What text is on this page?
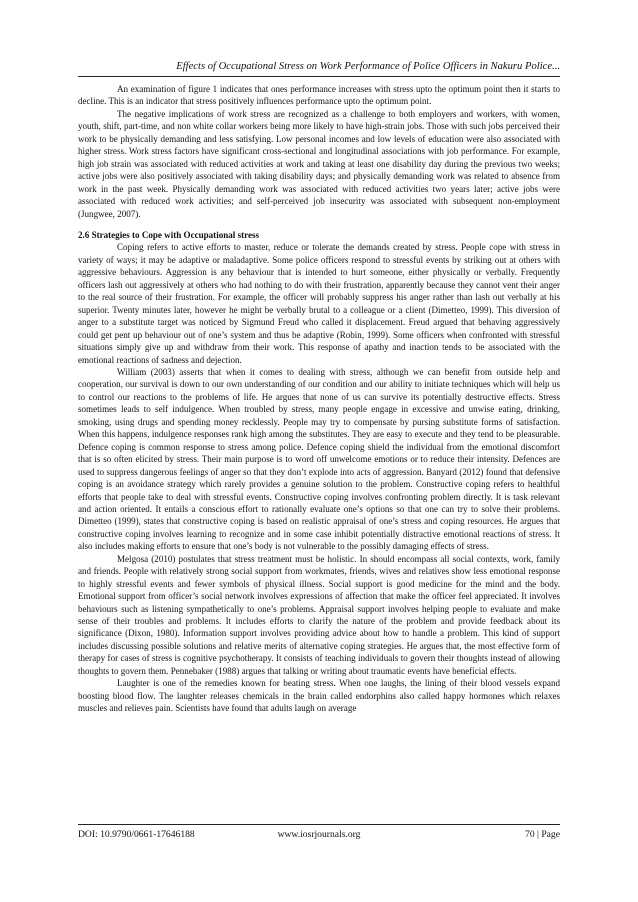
Effects of Occupational Stress on Work Performance of Police Officers in Nakuru Police...

An examination of figure 1 indicates that ones performance increases with stress upto the optimum point then it starts to decline. This is an indicator that stress positively influences performance upto the optimum point.

The negative implications of work stress are recognized as a challenge to both employers and workers, with women, youth, shift, part-time, and non white collar workers being more likely to have high-strain jobs. Those with such jobs perceived their work to be physically demanding and less satisfying. Low personal incomes and low levels of education were also associated with higher stress. Work stress factors have significant cross-sectional and longitudinal associations with job performance. For example, high job strain was associated with reduced activities at work and taking at least one disability day during the previous two weeks; active jobs were also positively associated with taking disability days; and physically demanding work was related to absence from work in the past week. Physically demanding work was associated with reduced activities two years later; active jobs were associated with reduced work activities; and self-perceived job insecurity was associated with subsequent non-employment (Jungwee, 2007).

2.6 Strategies to Cope with Occupational stress

Coping refers to active efforts to master, reduce or tolerate the demands created by stress. People cope with stress in variety of ways; it may be adaptive or maladaptive. Some police officers respond to stressful events by striking out at others with aggressive behaviours. Aggression is any behaviour that is intended to hurt someone, either physically or verbally. Frequently officers lash out aggressively at others who had nothing to do with their frustration, apparently because they cannot vent their anger to the real source of their frustration. For example, the officer will probably suppress his anger rather than lash out verbally at his superior. Twenty minutes later, however he might be verbally brutal to a colleague or a client (Dimetteo, 1999). This diversion of anger to a substitute target was noticed by Sigmund Freud who called it displacement. Freud argued that behaving aggressively could get pent up behaviour out of one’s system and thus be adaptive (Robin, 1999). Some officers when confronted with stressful situations simply give up and withdraw from their work. This response of apathy and inaction tends to be associated with the emotional reactions of sadness and dejection.

William (2003) asserts that when it comes to dealing with stress, although we can benefit from outside help and cooperation, our survival is down to our own understanding of our condition and our ability to initiate techniques which will help us to control our reactions to the problems of life. He argues that none of us can survive its potentially destructive effects. Stress sometimes leads to self indulgence. When troubled by stress, many people engage in excessive and unwise eating, drinking, smoking, using drugs and spending money recklessly. People may try to compensate by pursing substitute forms of satisfaction. When this happens, indulgence responses rank high among the substitutes. They are easy to execute and they tend to be pleasurable. Defence coping is common response to stress among police. Defence coping shield the individual from the emotional discomfort that is so often elicited by stress. Their main purpose is to word off unwelcome emotions or to reduce their intensity. Defences are used to suppress dangerous feelings of anger so that they don’t explode into acts of aggression. Banyard (2012) found that defensive coping is an avoidance strategy which rarely provides a genuine solution to the problem. Constructive coping refers to healthful efforts that people take to deal with stressful events. Constructive coping involves confronting problem directly. It is task relevant and action oriented. It entails a conscious effort to rationally evaluate one’s options so that one can try to solve their problems. Dimetteo (1999), states that constructive coping is based on realistic appraisal of one’s stress and coping resources. He argues that constructive coping involves learning to recognize and in some case inhibit potentially distractive emotional reactions of stress. It also includes making efforts to ensure that one’s body is not vulnerable to the possibly damaging effects of stress.

Melgosa (2010) postulates that stress treatment must be holistic. In should encompass all social contexts, work, family and friends. People with relatively strong social support from workmates, friends, wives and relatives show less emotional response to highly stressful events and fewer symbols of physical illness. Social support is good medicine for the mind and the body. Emotional support from officer’s social network involves expressions of affection that make the officer feel appreciated. It involves behaviours such as listening sympathetically to one’s problems. Appraisal support involves helping people to evaluate and make sense of their troubles and problems. It includes efforts to clarify the nature of the problem and provide feedback about its significance (Dixon, 1980). Information support involves providing advice about how to handle a problem. This kind of support includes discussing possible solutions and relative merits of alternative coping strategies. He argues that, the most effective form of therapy for cases of stress is cognitive psychotherapy. It consists of teaching individuals to govern their thoughts instead of allowing thoughts to govern them. Pennebaker (1988) argues that talking or writing about traumatic events have beneficial effects.

Laughter is one of the remedies known for beating stress. When one laughs, the lining of their blood vessels expand boosting blood flow. The laughter releases chemicals in the brain called endorphins also called happy hormones which relaxes muscles and relieves pain. Scientists have found that adults laugh on average

DOI: 10.9790/0661-17646188	www.iosrjournals.org	70 | Page
